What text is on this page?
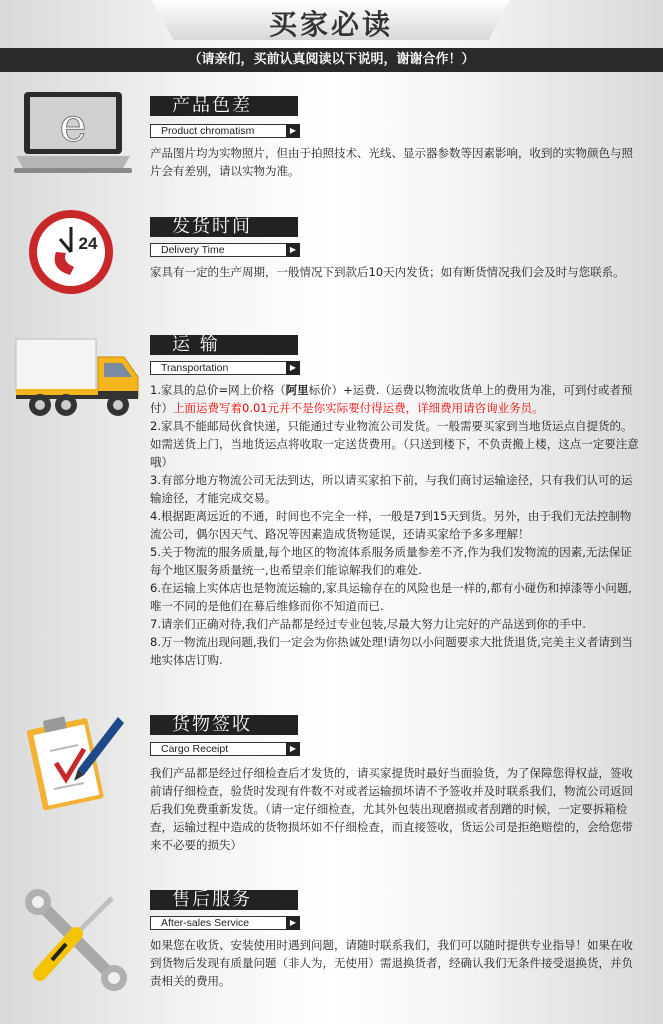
买家必读
（请亲们，买前认真阅读以下说明，谢谢合作！）
e	产品色差
Product chromatism	▶
产品图片均为实物照片，但由于拍照技术、光线、显示器参数等因素影响，收到的实物颜色与照片会有差别，请以实物为准。
24
发货时间
Delivery Time	▶
家具有一定的生产周期，一般情况下到款后10天内发货；如有断货情况我们会及时与您联系。
运 输
Transportation	▶

1.家具的总价=网上价格（阿里标价）+运费.（运费以物流收货单上的费用为准，可到付或者预付）上面运费写着0.01元并不是你实际要付得运费，详细费用请咨询业务员。

2.家具不能邮局伙食快递，只能通过专业物流公司发货。一般需要买家到当地货运点自提货的。如需送货上门，当地货运点将收取一定送货费用。（只送到楼下，不负责搬上楼，这点一定要注意哦）

3.有部分地方物流公司无法到达，所以请买家拍下前，与我们商讨运输途径，只有我们认可的运输途径，才能完成交易。

4.根据距离远近的不通，时间也不完全一样，一般是7到15天到货。另外，由于我们无法控制物流公司，偶尔因天气、路况等因素造成货物延误，还请买家给予多多理解！

5.关于物流的服务质量,每个地区的物流体系服务质量参差不齐,作为我们发物流的因素,无法保证每个地区服务质量统一,也希望亲们能谅解我们的难处.

6.在运输上实体店也是物流运输的,家具运输存在的风险也是一样的,都有小碰伤和掉漆等小问题,唯一不同的是他们在募后维修而你不知道而已.

7.请亲们正确对待,我们产品都是经过专业包装,尽最大努力让完好的产品送到你的手中.

8.万一物流出现问题,我们一定会为你热诚处理!请勿以小问题要求大批货退货,完美主义者请到当地实体店订购.

货物签收
Cargo Receipt	▶
我们产品都是经过仔细检查后才发货的，请买家提货时最好当面验货，为了保障您得权益，签收前请仔细检查，验货时发现有件数不对或者运输损坏请不予签收并及时联系我们，物流公司返回后我们免费重新发货。（请一定仔细检查，尤其外包装出现磨损或者刮蹭的时候，一定要拆箱检查，运输过程中造成的货物损坏如不仔细检查，而直接签收，货运公司是拒绝赔偿的，会给您带来不必要的损失）
售后服务
After-sales Service	▶
如果您在收货、安装使用时遇到问题，请随时联系我们，我们可以随时提供专业指导！如果在收到货物后发现有质量问题（非人为，无使用）需退换货者，经确认我们无条件接受退换货，并负责相关的费用。
